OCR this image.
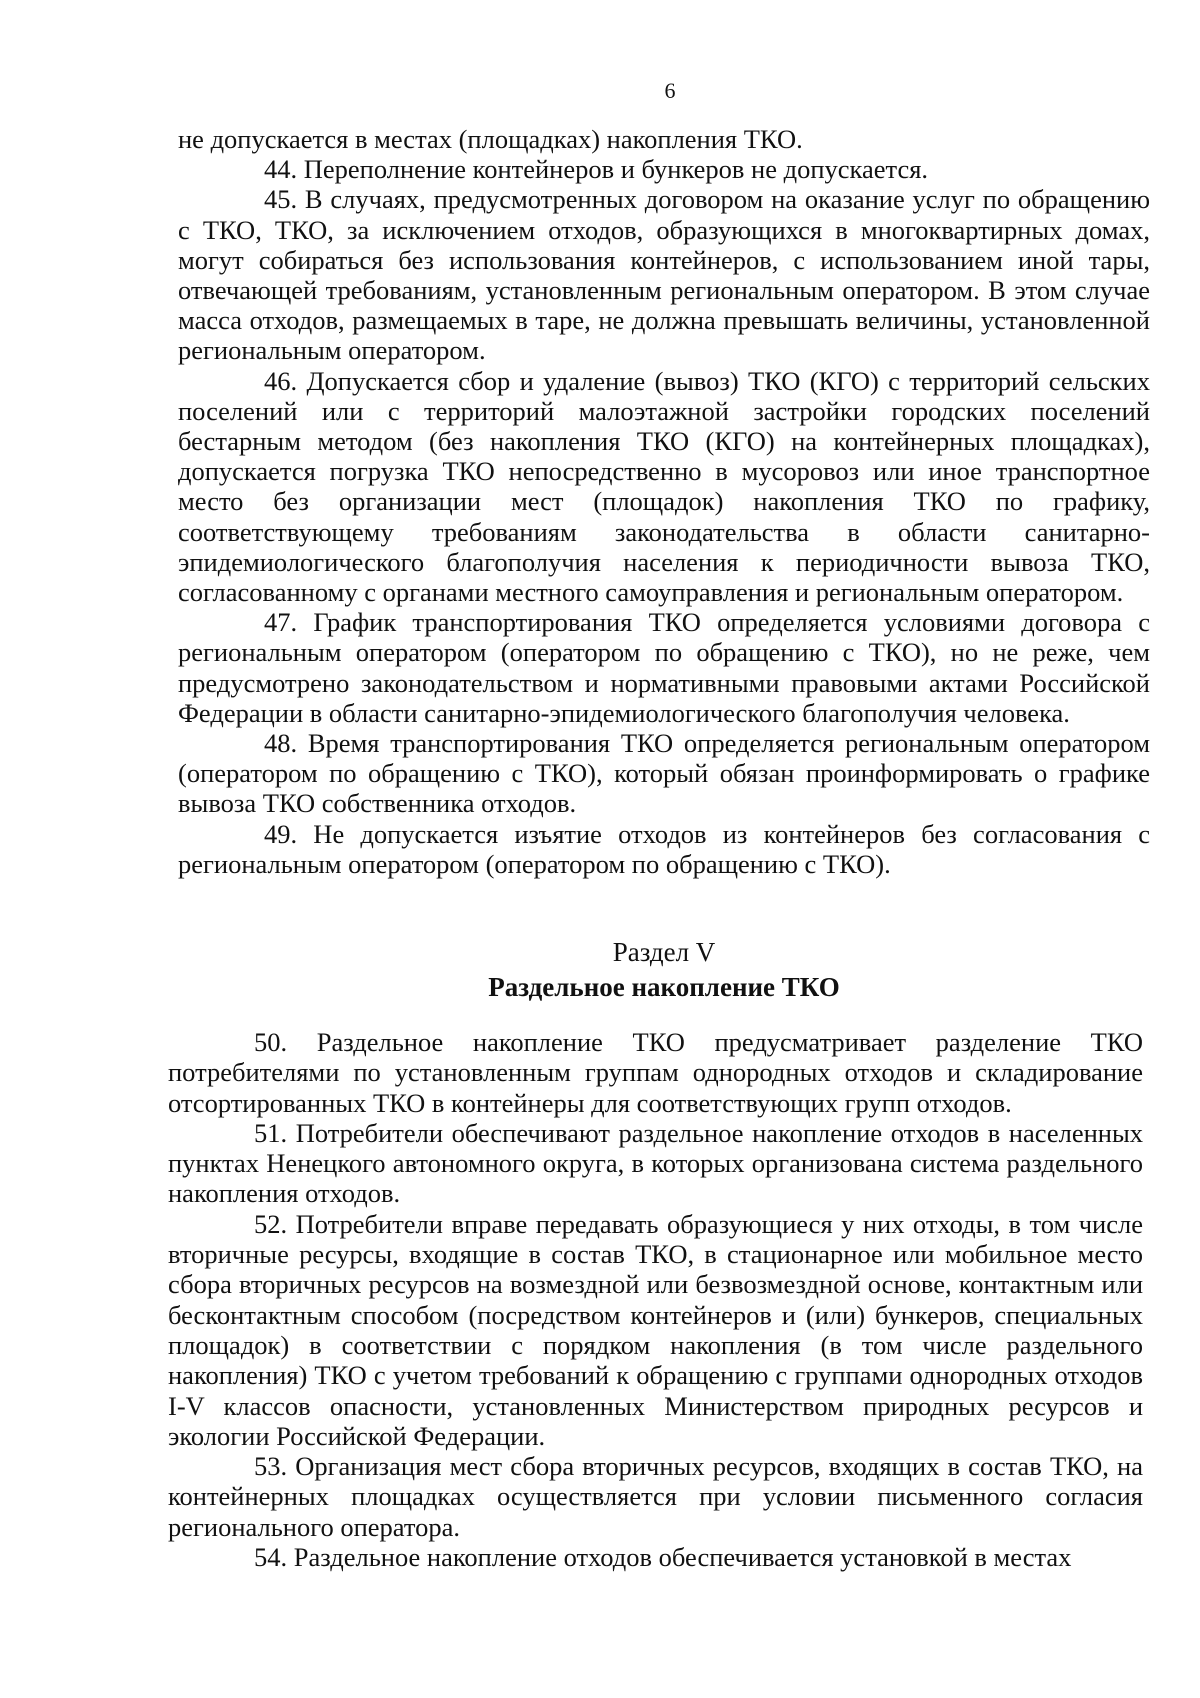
6

не допускается в местах (площадках) накопления ТКО.

44. Переполнение контейнеров и бункеров не допускается.

45. В случаях, предусмотренных договором на оказание услуг по обращению с ТКО, ТКО, за исключением отходов, образующихся в многоквартирных домах, могут собираться без использования контейнеров, с использованием иной тары, отвечающей требованиям, установленным региональным оператором. В этом случае масса отходов, размещаемых в таре, не должна превышать величины, установленной региональным оператором.

46. Допускается сбор и удаление (вывоз) ТКО (КГО) с территорий сельских поселений или с территорий малоэтажной застройки городских поселений бестарным методом (без накопления ТКО (КГО) на контейнерных площадках), допускается погрузка ТКО непосредственно в мусоровоз или иное транспортное место без организации мест (площадок) накопления ТКО по графику, соответствующему требованиям законодательства в области санитарно-эпидемиологического благополучия населения к периодичности вывоза ТКО, согласованному с органами местного самоуправления и региональным оператором.

47. График транспортирования ТКО определяется условиями договора с региональным оператором (оператором по обращению с ТКО), но не реже, чем предусмотрено законодательством и нормативными правовыми актами Российской Федерации в области санитарно-эпидемиологического благополучия человека.

48. Время транспортирования ТКО определяется региональным оператором (оператором по обращению с ТКО), который обязан проинформировать о графике вывоза ТКО собственника отходов.

49. Не допускается изъятие отходов из контейнеров без согласования с региональным оператором (оператором по обращению с ТКО).

Раздел V
Раздельное накопление ТКО

50. Раздельное накопление ТКО предусматривает разделение ТКО потребителями по установленным группам однородных отходов и складирование отсортированных ТКО в контейнеры для соответствующих групп отходов.

51. Потребители обеспечивают раздельное накопление отходов в населенных пунктах Ненецкого автономного округа, в которых организована система раздельного накопления отходов.

52. Потребители вправе передавать образующиеся у них отходы, в том числе вторичные ресурсы, входящие в состав ТКО, в стационарное или мобильное место сбора вторичных ресурсов на возмездной или безвозмездной основе, контактным или бесконтактным способом (посредством контейнеров и (или) бункеров, специальных площадок) в соответствии с порядком накопления (в том числе раздельного накопления) ТКО с учетом требований к обращению с группами однородных отходов I-V классов опасности, установленных Министерством природных ресурсов и экологии Российской Федерации.

53. Организация мест сбора вторичных ресурсов, входящих в состав ТКО, на контейнерных площадках осуществляется при условии письменного согласия регионального оператора.

54. Раздельное накопление отходов обеспечивается установкой в местах
